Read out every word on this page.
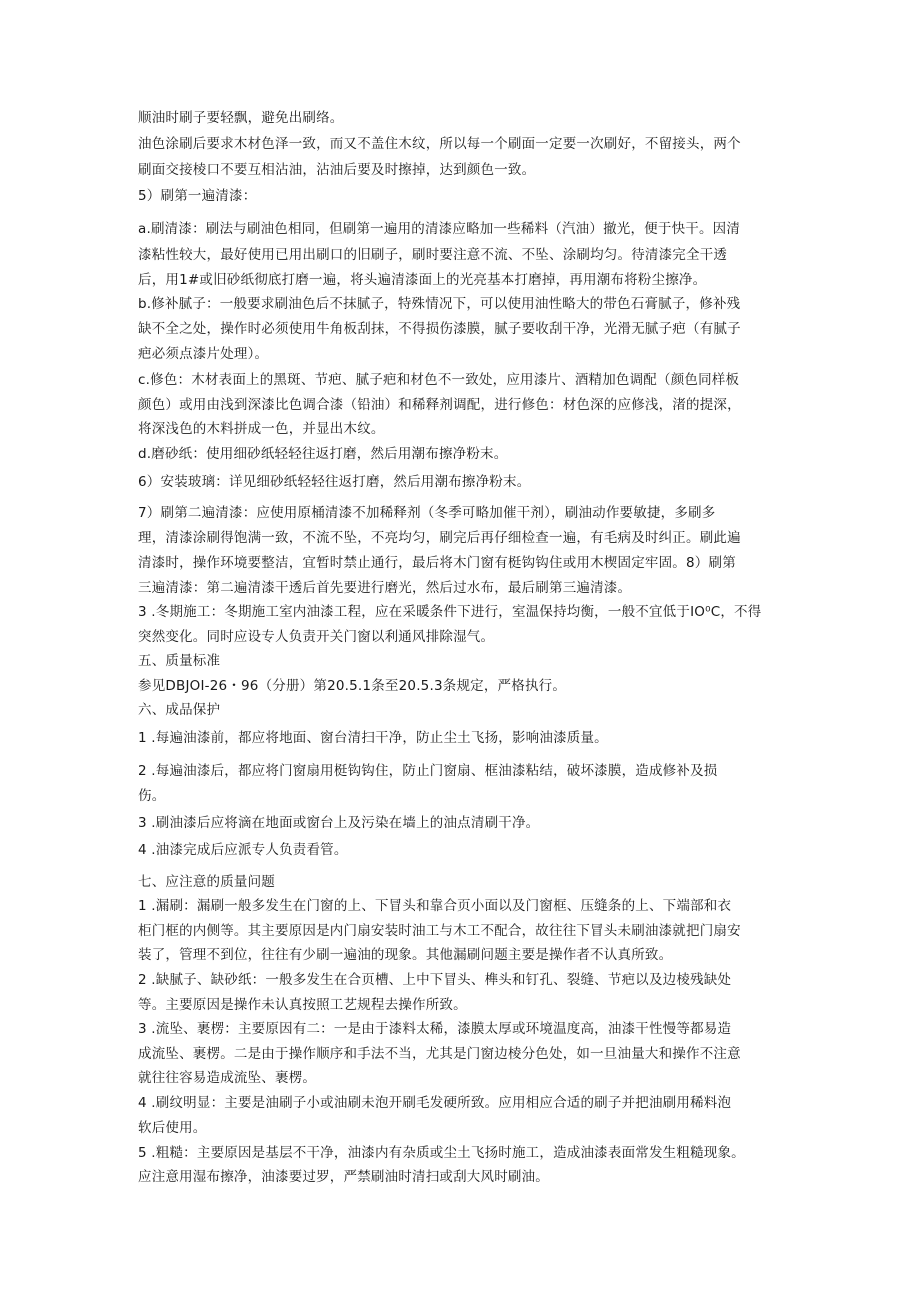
顺油时刷子要轻飘，避免出刷络。
油色涂刷后要求木材色泽一致，而又不盖住木纹，所以每一个刷面一定要一次刷好，不留接头，两个
刷面交接棱口不要互相沾油，沾油后要及时擦掉，达到颜色一致。
5）刷第一遍清漆：
a.刷清漆：刷法与刷油色相同，但刷第一遍用的清漆应略加一些稀料（汽油）撤光，便于快干。因清
漆粘性较大，最好使用已用出刷口的旧刷子，刷时要注意不流、不坠、涂刷均匀。待清漆完全干透
后，用1#或旧砂纸彻底打磨一遍，将头遍清漆面上的光亮基本打磨掉，再用潮布将粉尘擦净。
b.修补腻子：一般要求刷油色后不抹腻子，特殊情况下，可以使用油性略大的带色石膏腻子，修补残
缺不全之处，操作时必须使用牛角板刮抹，不得损伤漆膜，腻子要收刮干净，光滑无腻子疤（有腻子
疤必须点漆片处理）。
c.修色：木材表面上的黑斑、节疤、腻子疤和材色不一致处，应用漆片、酒精加色调配（颜色同样板
颜色）或用由浅到深漆比色调合漆（铅油）和稀释剂调配，进行修色：材色深的应修浅，渚的提深，
将深浅色的木料拼成一色，并显出木纹。
d.磨砂纸：使用细砂纸轻轻往返打磨，然后用潮布擦净粉末。
6）安装玻璃：详见细砂纸轻轻往返打磨，然后用潮布擦净粉末。
7）刷第二遍清漆：应使用原桶清漆不加稀释剂（冬季可略加催干剂），刷油动作要敏捷，多刷多
理，清漆涂刷得饱满一致，不流不坠，不亮均匀，刷完后再仔细检查一遍，有毛病及时纠正。刷此遍
清漆时，操作环境要整洁，宜暂时禁止通行，最后将木门窗有梃钩钩住或用木楔固定牢固。8）刷第
三遍清漆：第二遍清漆干透后首先要进行磨光，然后过水布，最后刷第三遍清漆。
3 .冬期施工：冬期施工室内油漆工程，应在采暖条件下进行，室温保持均衡，一般不宜低于IO⁰C，不得
突然变化。同时应设专人负责开关门窗以利通风排除湿气。
五、质量标准
参见DBJOI-26・96（分册）第20.5.1条至20.5.3条规定，严格执行。
六、成品保护
1 .每遍油漆前，都应将地面、窗台清扫干净，防止尘土飞扬，影响油漆质量。
2 .每遍油漆后，都应将门窗扇用梃钩钩住，防止门窗扇、框油漆粘结，破坏漆膜，造成修补及损
伤。
3 .刷油漆后应将滴在地面或窗台上及污染在墙上的油点清刷干净。
4 .油漆完成后应派专人负责看管。
七、应注意的质量问题
1 .漏刷：漏刷一般多发生在门窗的上、下冒头和靠合页小面以及门窗框、压缝条的上、下端部和衣
柜门框的内侧等。其主要原因是内门扇安装时油工与木工不配合，故往往下冒头未刷油漆就把门扇安
装了，管理不到位，往往有少刷一遍油的现象。其他漏刷问题主要是操作者不认真所致。
2 .缺腻子、缺砂纸：一般多发生在合页槽、上中下冒头、榫头和钉孔、裂缝、节疤以及边棱残缺处
等。主要原因是操作未认真按照工艺规程去操作所致。
3 .流坠、裹楞：主要原因有二：一是由于漆料太稀，漆膜太厚或环境温度高，油漆干性慢等都易造
成流坠、裹楞。二是由于操作顺序和手法不当，尤其是门窗边棱分色处，如一旦油量大和操作不注意
就往往容易造成流坠、裹楞。
4 .刷纹明显：主要是油刷子小或油刷未泡开刷毛发硬所致。应用相应合适的刷子并把油刷用稀料泡
软后使用。
5 .粗糙：主要原因是基层不干净，油漆内有杂质或尘土飞扬时施工，造成油漆表面常发生粗糙现象。
应注意用湿布擦净，油漆要过罗，严禁刷油时清扫或刮大风时刷油。
